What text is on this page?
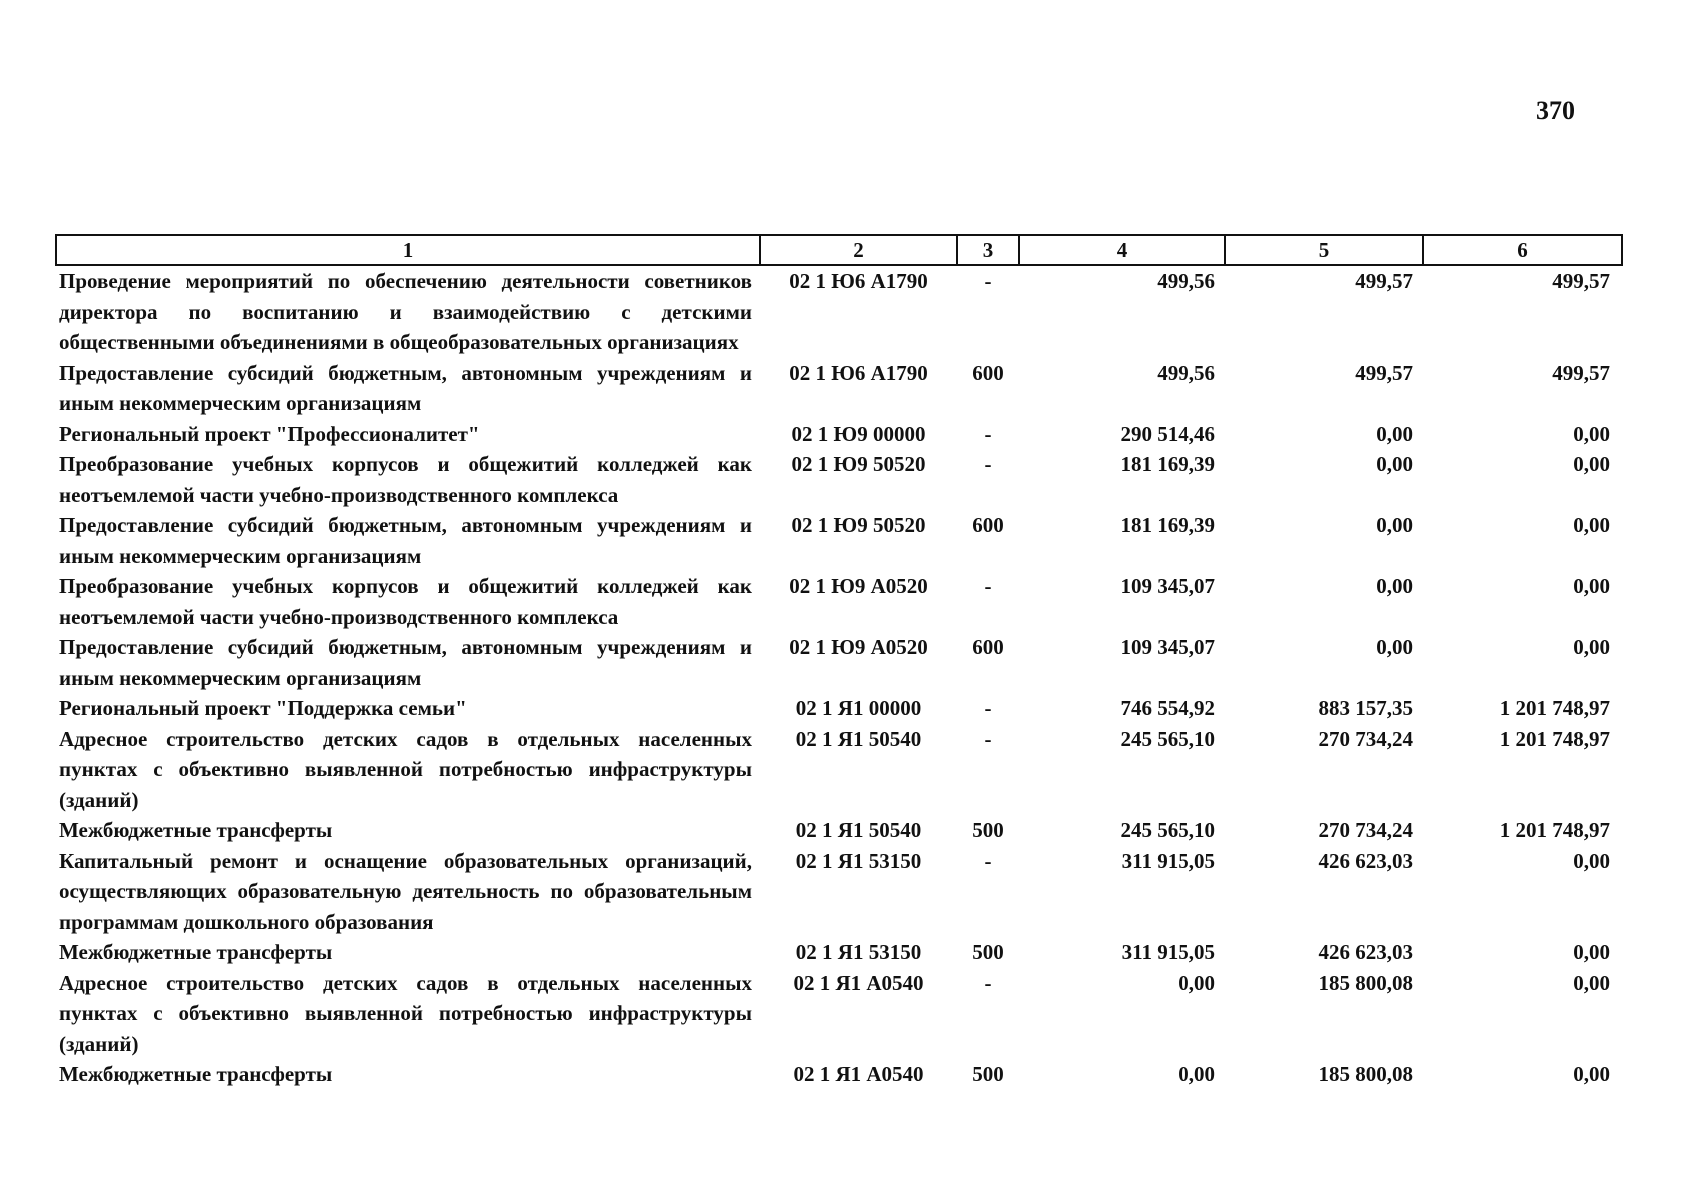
370
1	2	3	4	5	6
Проведение мероприятий по обеспечению деятельности советников директора по воспитанию и взаимодействию с детскими общественными объединениями в общеобразовательных организациях	02 1 Ю6 А1790	-	499,56	499,57	499,57
Предоставление субсидий бюджетным, автономным учреждениям и иным некоммерческим организациям	02 1 Ю6 А1790	600	499,56	499,57	499,57
Региональный проект "Профессионалитет"	02 1 Ю9 00000	-	290 514,46	0,00	0,00
Преобразование учебных корпусов и общежитий колледжей как неотъемлемой части учебно-производственного комплекса	02 1 Ю9 50520	-	181 169,39	0,00	0,00
Предоставление субсидий бюджетным, автономным учреждениям и иным некоммерческим организациям	02 1 Ю9 50520	600	181 169,39	0,00	0,00
Преобразование учебных корпусов и общежитий колледжей как неотъемлемой части учебно-производственного комплекса	02 1 Ю9 А0520	-	109 345,07	0,00	0,00
Предоставление субсидий бюджетным, автономным учреждениям и иным некоммерческим организациям	02 1 Ю9 А0520	600	109 345,07	0,00	0,00
Региональный проект "Поддержка семьи"	02 1 Я1 00000	-	746 554,92	883 157,35	1 201 748,97
Адресное строительство детских садов в отдельных населенных пунктах с объективно выявленной потребностью инфраструктуры (зданий)	02 1 Я1 50540	-	245 565,10	270 734,24	1 201 748,97
Межбюджетные трансферты	02 1 Я1 50540	500	245 565,10	270 734,24	1 201 748,97
Капитальный ремонт и оснащение образовательных организаций, осуществляющих образовательную деятельность по образовательным программам дошкольного образования	02 1 Я1 53150	-	311 915,05	426 623,03	0,00
Межбюджетные трансферты	02 1 Я1 53150	500	311 915,05	426 623,03	0,00
Адресное строительство детских садов в отдельных населенных пунктах с объективно выявленной потребностью инфраструктуры (зданий)	02 1 Я1 А0540	-	0,00	185 800,08	0,00
Межбюджетные трансферты	02 1 Я1 А0540	500	0,00	185 800,08	0,00
